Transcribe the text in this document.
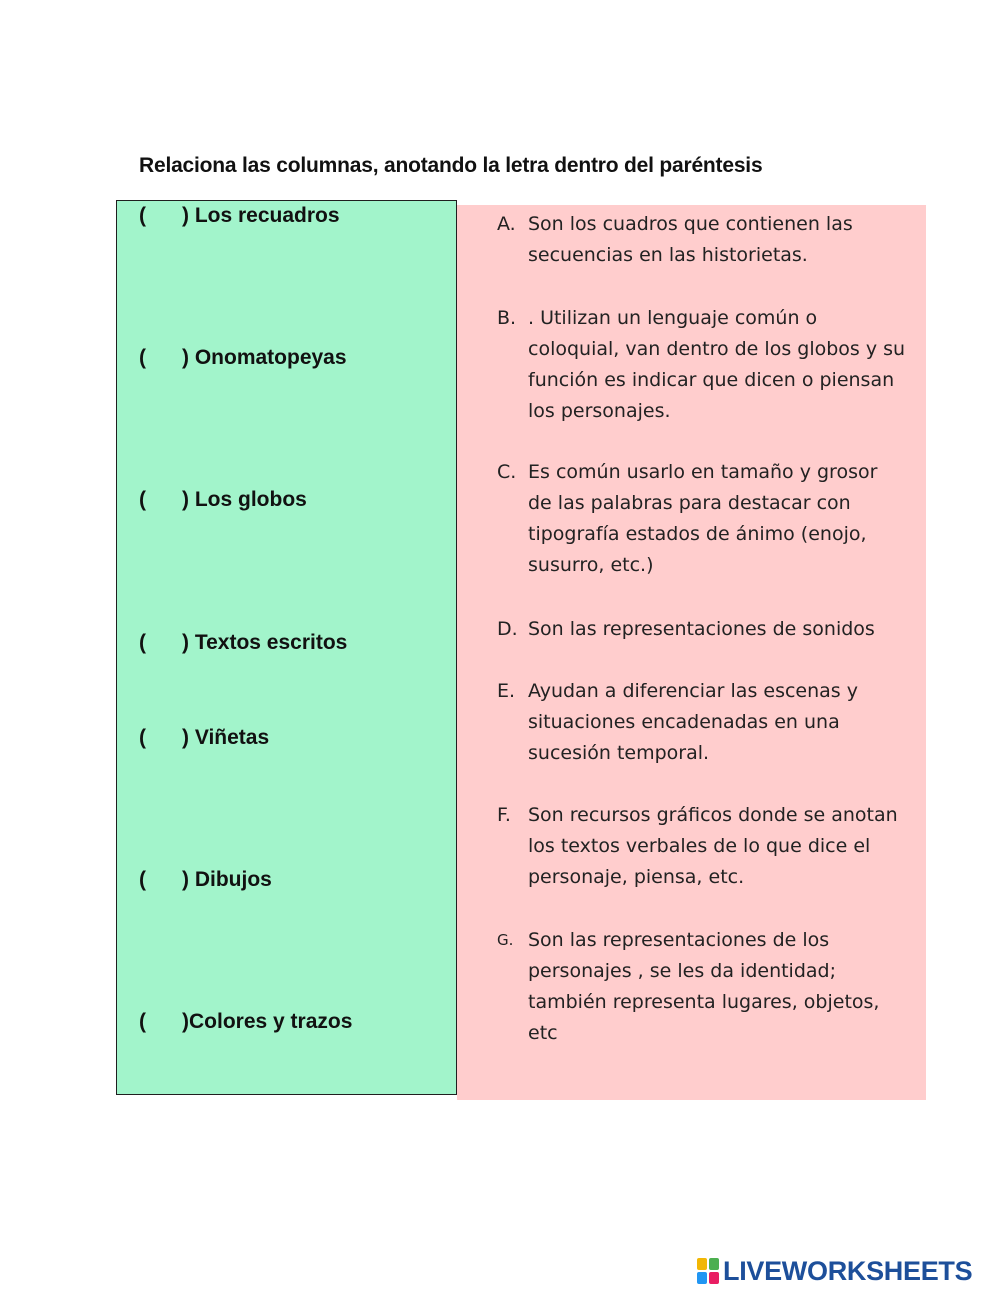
Relaciona las columnas, anotando la letra dentro del paréntesis
( ) Los recuadros
( ) Onomatopeyas
( ) Los globos
( ) Textos escritos
( ) Viñetas
( ) Dibujos
( )Colores y trazos
A. Son los cuadros que contienen las secuencias en las historietas.
B. . Utilizan un lenguaje común o coloquial, van dentro de los globos y su función es indicar que dicen o piensan los personajes.
C. Es común usarlo en tamaño y grosor de las palabras para destacar con tipografía estados de ánimo (enojo, susurro, etc.)
D. Son las representaciones de sonidos
E. Ayudan a diferenciar las escenas y situaciones encadenadas en una sucesión temporal.
F. Son recursos gráficos donde se anotan los textos verbales de lo que dice el personaje, piensa, etc.
G. Son las representaciones de los personajes , se les da identidad; también representa lugares, objetos, etc
LIVEWORKSHEETS
